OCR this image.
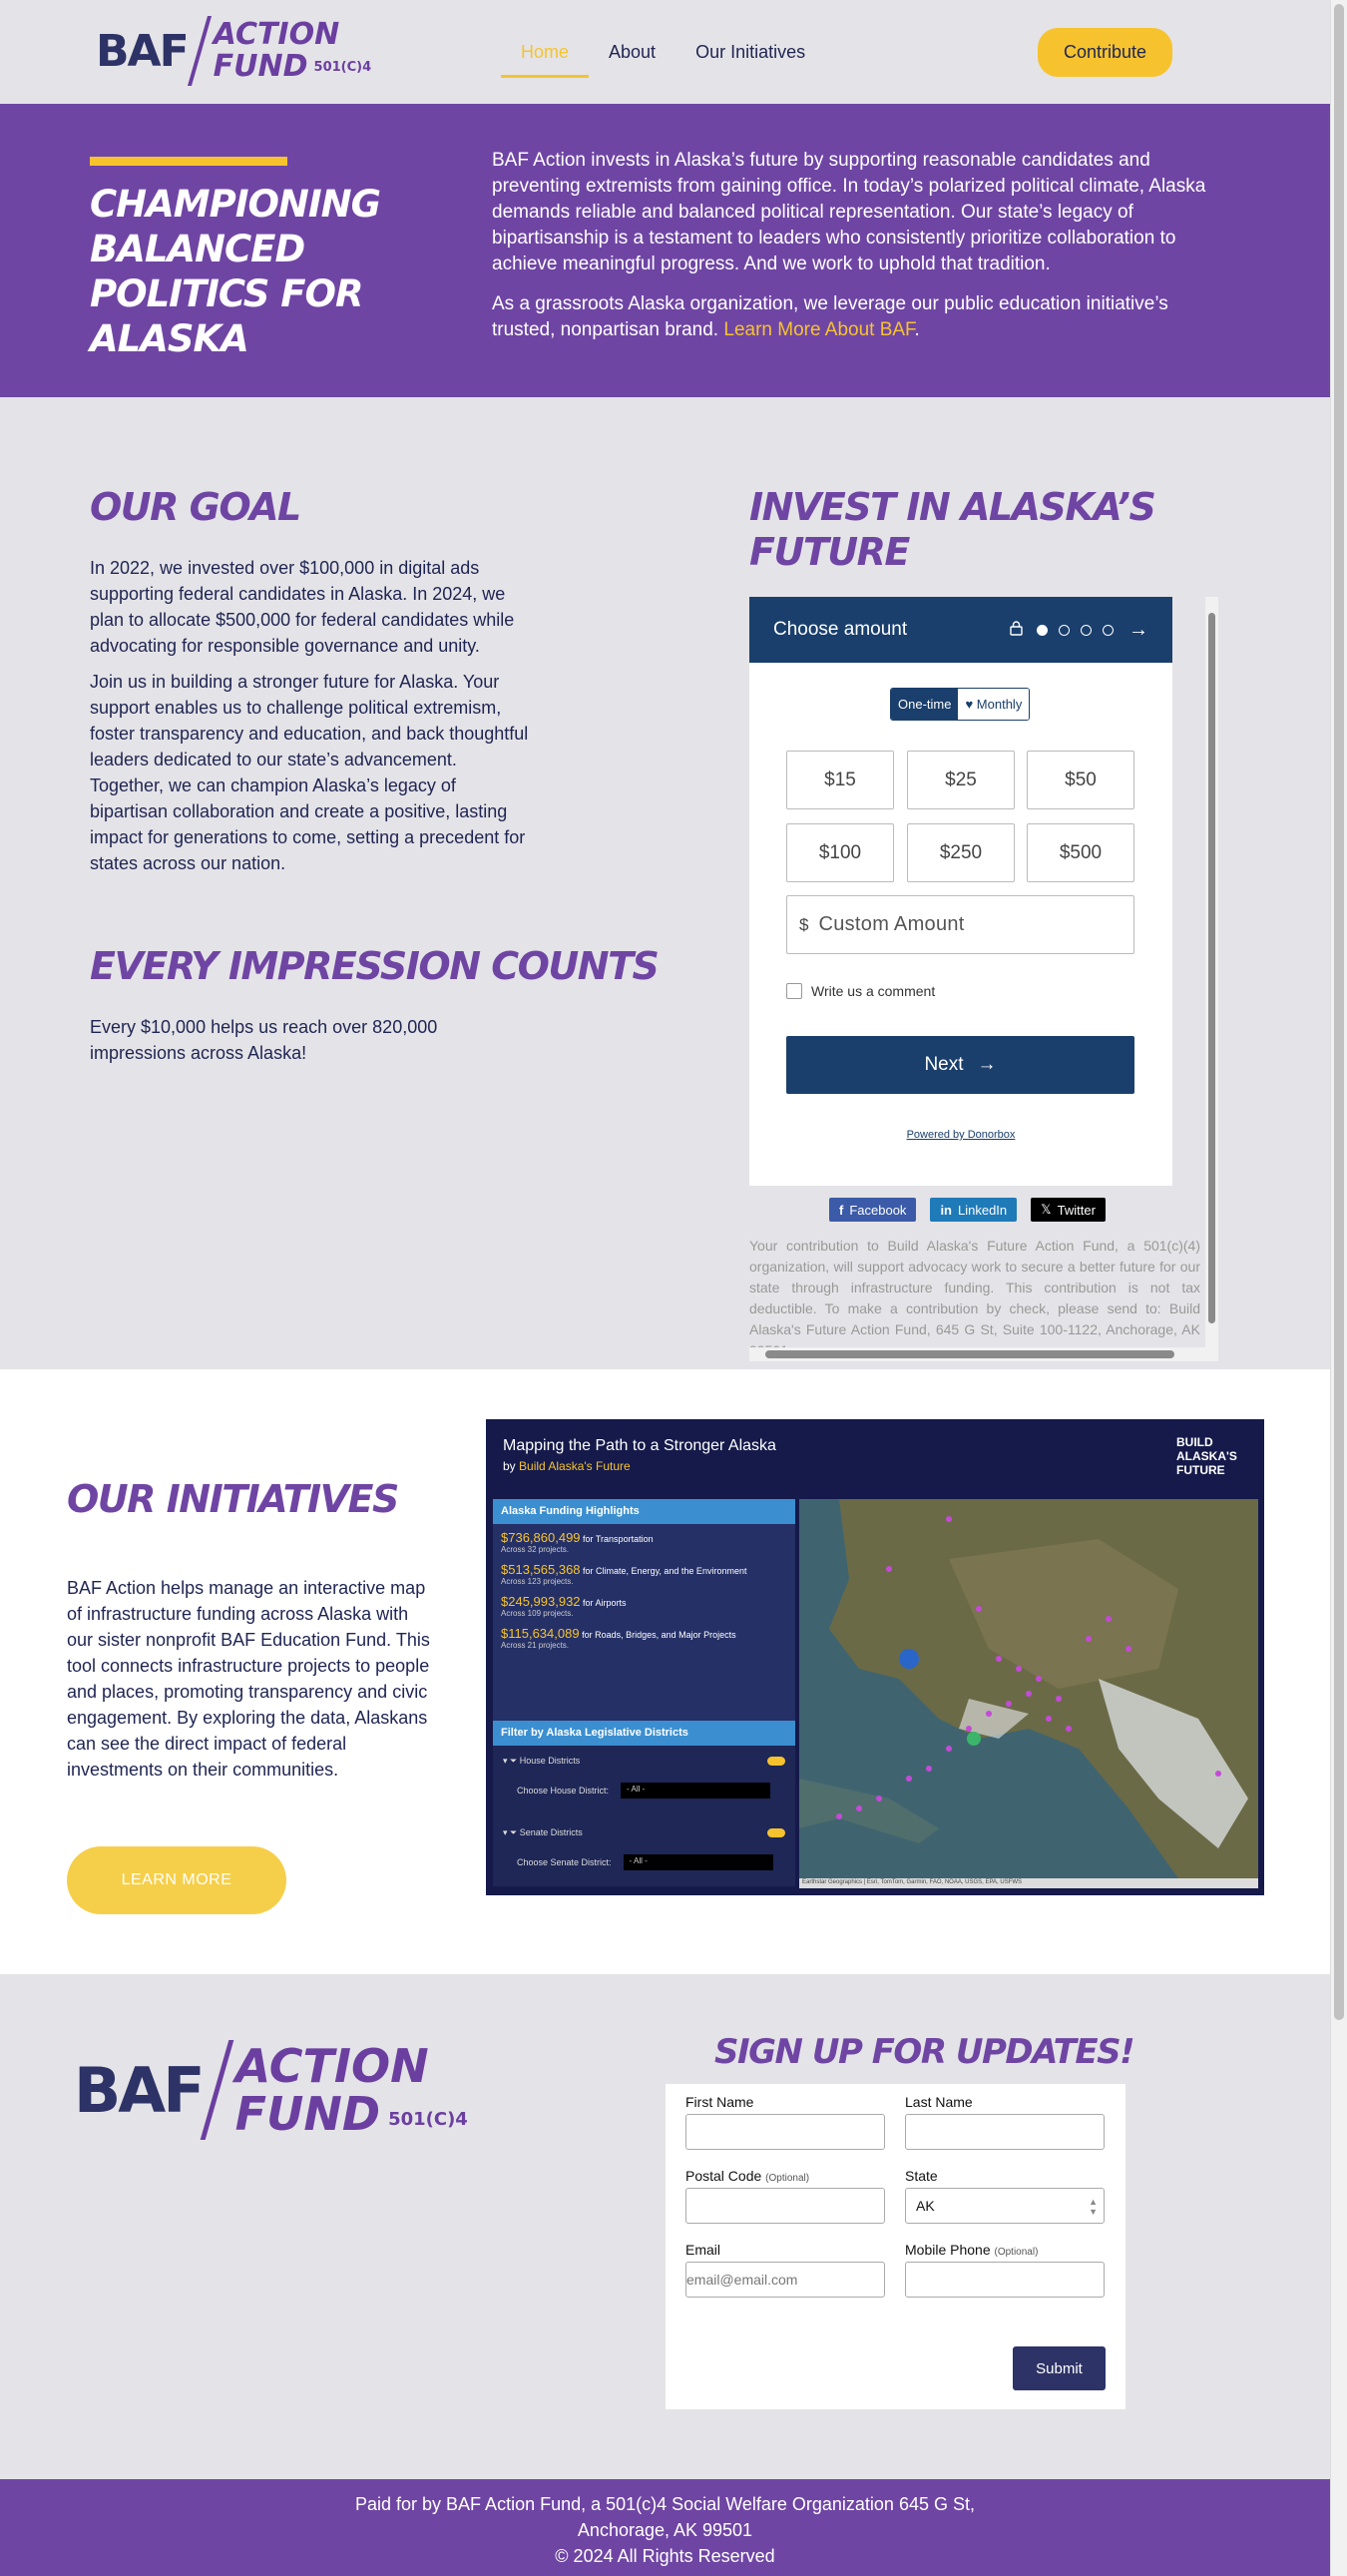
BAF ACTION
FUND 501(C)4
Home	About	Our Initiatives	Contribute
CHAMPIONING BALANCED POLITICS FOR ALASKA

BAF Action invests in Alaska’s future by supporting reasonable candidates and preventing extremists from gaining office. In today’s polarized political climate, Alaska demands reliable and balanced political representation. Our state’s legacy of bipartisanship is a testament to leaders who consistently prioritize collaboration to achieve meaningful progress. And we work to uphold that tradition.

As a grassroots Alaska organization, we leverage our public education initiative’s trusted, nonpartisan brand. Learn More About BAF.

OUR GOAL

In 2022, we invested over $100,000 in digital ads supporting federal candidates in Alaska. In 2024, we plan to allocate $500,000 for federal candidates while advocating for responsible governance and unity.

Join us in building a stronger future for Alaska. Your support enables us to challenge political extremism, foster transparency and education, and back thoughtful leaders dedicated to our state’s advancement. Together, we can champion Alaska’s legacy of bipartisan collaboration and create a positive, lasting impact for generations to come, setting a precedent for states across our nation.

EVERY IMPRESSION COUNTS

Every $10,000 helps us reach over 820,000 impressions across Alaska!

INVEST IN ALASKA’S FUTURE
Choose amount	→
One-time	♥ Monthly
$15	$25	$50
$100	$250	$500
$ Custom Amount
Write us a comment
Next →
Powered by Donorbox
f Facebook	in LinkedIn	𝕏 Twitter

Your contribution to Build Alaska's Future Action Fund, a 501(c)(4) organization, will support advocacy work to secure a better future for our state through infrastructure funding. This contribution is not tax deductible. To make a contribution by check, please send to: Build Alaska's Future Action Fund, 645 G St, Suite 100-1122, Anchorage, AK

OUR INITIATIVES

BAF Action helps manage an interactive map of infrastructure funding across Alaska with our sister nonprofit BAF Education Fund. This tool connects infrastructure projects to people and places, promoting transparency and civic engagement. By exploring the data, Alaskans can see the direct impact of federal investments on their communities.

LEARN MORE
Mapping the Path to a Stronger Alaska
by Build Alaska's Future
BUILD ALASKA'S FUTURE
Alaska Funding Highlights
$736,860,499 for Transportation
Across 32 projects.
$513,565,368 for Climate, Energy, and the Environment
Across 123 projects.
$245,993,932 for Airports
Across 109 projects.
$115,634,089 for Roads, Bridges, and Major Projects
Across 21 projects.
Filter by Alaska Legislative Districts
▾ ⏷ House Districts
Choose House District:	- All -
▾ ⏷ Senate Districts
Choose Senate District:	- All -
Earthstar Geographics | Esri, TomTom, Garmin, FAO, NOAA, USGS, EPA, USFWS
BAF ACTION
FUND 501(C)4
SIGN UP FOR UPDATES!
First Name	Last Name
Postal Code (Optional)	State
AK	▲
▼
Email
email@email.com
Mobile Phone (Optional)
Submit
Paid for by BAF Action Fund, a 501(c)4 Social Welfare Organization 645 G St,
Anchorage, AK 99501
© 2024 All Rights Reserved
